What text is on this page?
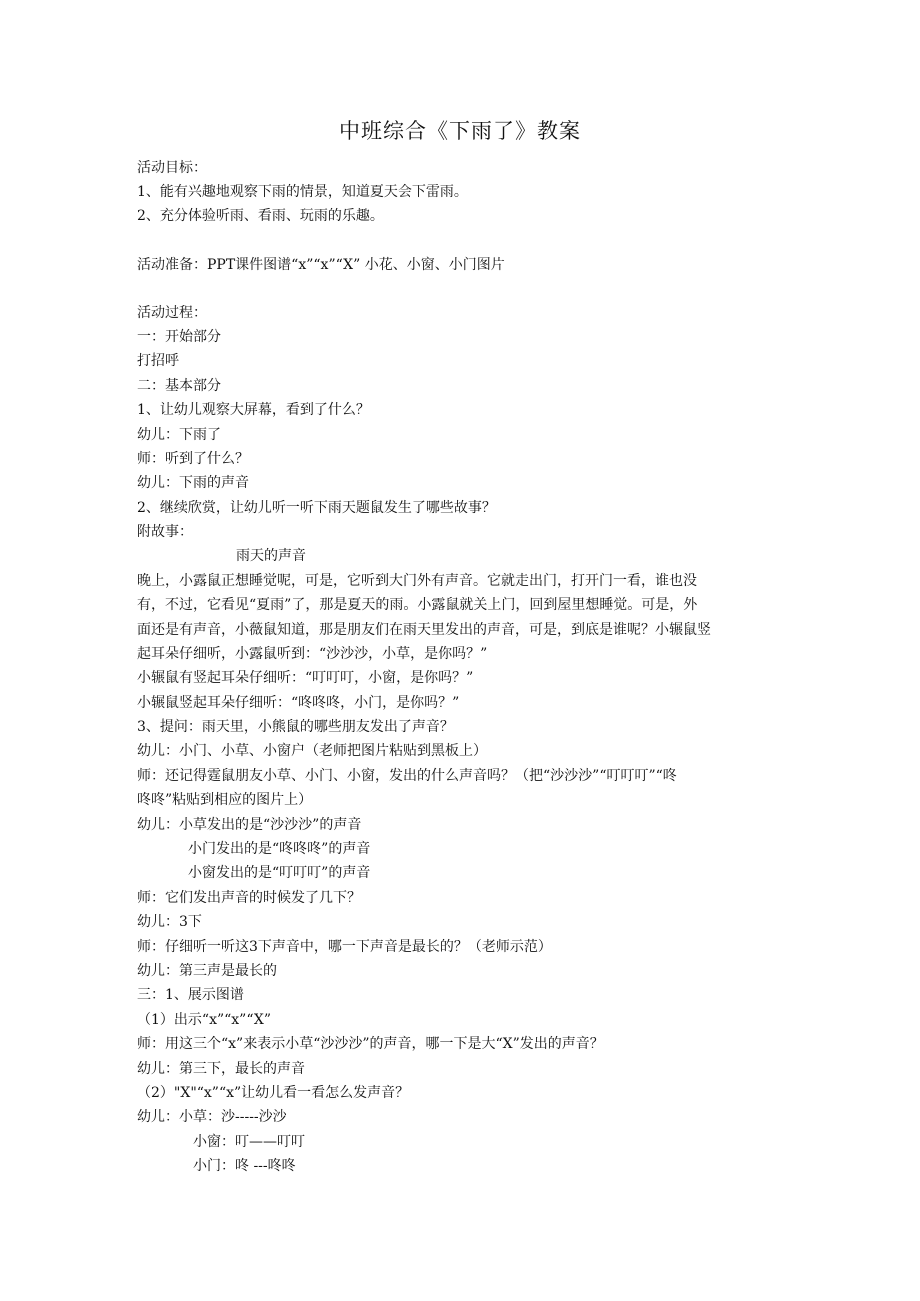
中班综合《下雨了》教案
活动目标：
1、能有兴趣地观察下雨的情景，知道夏天会下雷雨。
2、充分体验听雨、看雨、玩雨的乐趣。
活动准备：PPT课件图谱“x”“x”“X” 小花、小窗、小门图片
活动过程：
一：开始部分
打招呼
二：基本部分
1、让幼儿观察大屏幕，看到了什么？
幼儿：下雨了
师：听到了什么？
幼儿：下雨的声音
2、继续欣赏，让幼儿听一听下雨天题鼠发生了哪些故事？
附故事：
雨天的声音
晚上，小露鼠正想睡觉呢，可是，它听到大门外有声音。它就走出门，打开门一看，谁也没
有，不过，它看见“夏雨”了，那是夏天的雨。小露鼠就关上门，回到屋里想睡觉。可是，外
面还是有声音，小薇鼠知道，那是朋友们在雨天里发出的声音，可是，到底是谁呢？小辗鼠竖
起耳朵仔细听，小露鼠听到：“沙沙沙，小草，是你吗？”
小辗鼠有竖起耳朵仔细听：“叮叮叮，小窗，是你吗？”
小辗鼠竖起耳朵仔细听：“咚咚咚，小门，是你吗？”
3、提问：雨天里，小熊鼠的哪些朋友发出了声音？
幼儿：小门、小草、小窗户（老师把图片粘贴到黑板上）
师：还记得霆鼠朋友小草、小门、小窗，发出的什么声音吗？（把“沙沙沙”“叮叮叮”“咚
咚咚”粘贴到相应的图片上）
幼儿：小草发出的是“沙沙沙”的声音
小门发出的是“咚咚咚”的声音
小窗发出的是“叮叮叮”的声音
师：它们发出声音的时候发了几下？
幼儿：3下
师：仔细听一听这3下声音中，哪一下声音是最长的？（老师示范）
幼儿：第三声是最长的
三：1、展示图谱
（1）出示“x”“x”“X”
师：用这三个“x”来表示小草“沙沙沙”的声音，哪一下是大“X”发出的声音？
幼儿：第三下，最长的声音
（2）"X"“x”“x”让幼儿看一看怎么发声音？
幼儿：小草：沙-----沙沙
小窗：叮——叮叮
小门：咚 ---咚咚
